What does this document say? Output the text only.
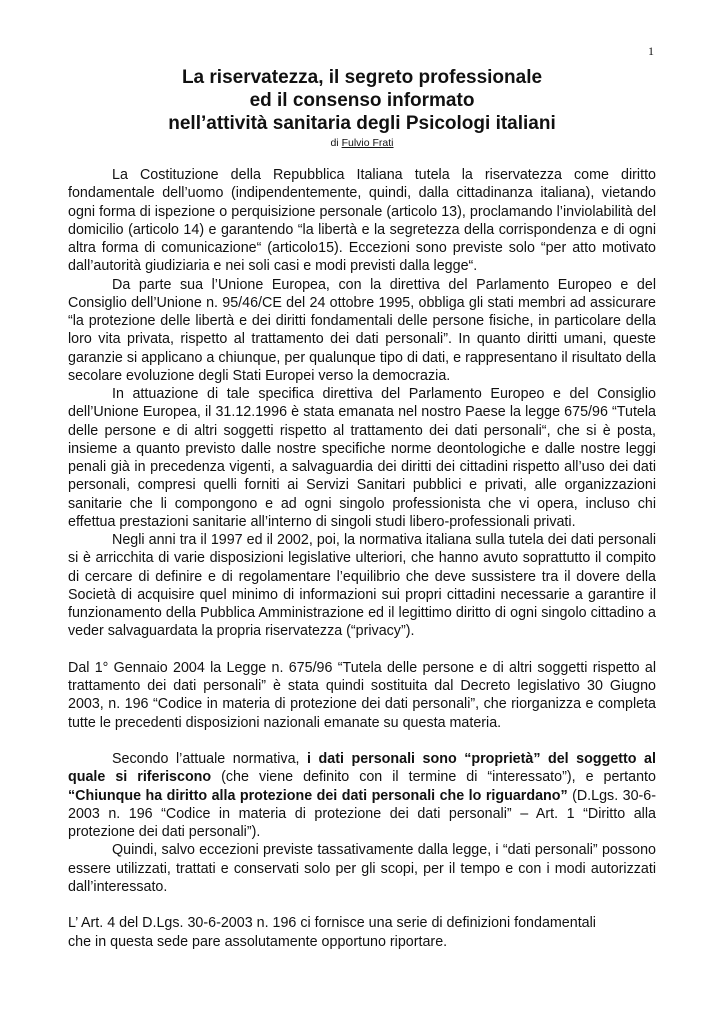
1
La riservatezza, il segreto professionale
ed il consenso informato
nell’attività sanitaria degli Psicologi italiani
di Fulvio Frati

La Costituzione della Repubblica Italiana tutela la riservatezza come diritto fondamentale dell’uomo (indipendentemente, quindi, dalla cittadinanza italiana), vietando ogni forma di ispezione o perquisizione personale (articolo 13), proclamando l’inviolabilità del domicilio (articolo 14) e garantendo “la libertà e la segretezza della corrispondenza e di ogni altra forma di comunicazione“ (articolo15). Eccezioni sono previste solo “per atto motivato dall’autorità giudiziaria e nei soli casi e modi previsti dalla legge“.

Da parte sua l’Unione Europea, con la direttiva del Parlamento Europeo e del Consiglio dell’Unione n. 95/46/CE del 24 ottobre 1995, obbliga gli stati membri ad assicurare “la protezione delle libertà e dei diritti fondamentali delle persone fisiche, in particolare della loro vita privata, rispetto al trattamento dei dati personali”. In quanto diritti umani, queste garanzie si applicano a chiunque, per qualunque tipo di dati, e rappresentano il risultato della secolare evoluzione degli Stati Europei verso la democrazia.

In attuazione di tale specifica direttiva del Parlamento Europeo e del Consiglio dell’Unione Europea, il 31.12.1996 è stata emanata nel nostro Paese la legge 675/96 “Tutela delle persone e di altri soggetti rispetto al trattamento dei dati personali“, che si è posta, insieme a quanto previsto dalle nostre specifiche norme deontologiche e dalle nostre leggi penali già in precedenza vigenti, a salvaguardia dei diritti dei cittadini rispetto all’uso dei dati personali, compresi quelli forniti ai Servizi Sanitari pubblici e privati, alle organizzazioni sanitarie che li compongono e ad ogni singolo professionista che vi opera, incluso chi effettua prestazioni sanitarie all’interno di singoli studi libero-professionali privati.

Negli anni tra il 1997 ed il 2002, poi, la normativa italiana sulla tutela dei dati personali si è arricchita di varie disposizioni legislative ulteriori, che hanno avuto soprattutto il compito di cercare di definire e di regolamentare l’equilibrio che deve sussistere tra il dovere della Società di acquisire quel minimo di informazioni sui propri cittadini necessarie a garantire il funzionamento della Pubblica Amministrazione ed il legittimo diritto di ogni singolo cittadino a veder salvaguardata la propria riservatezza (“privacy”).

Dal 1° Gennaio 2004 la Legge n. 675/96 “Tutela delle persone e di altri soggetti rispetto al trattamento dei dati personali” è stata quindi sostituita dal Decreto legislativo 30 Giugno 2003, n. 196 “Codice in materia di protezione dei dati personali”, che riorganizza e completa tutte le precedenti disposizioni nazionali emanate su questa materia.

Secondo l’attuale normativa, i dati personali sono “proprietà” del soggetto al quale si riferiscono (che viene definito con il termine di “interessato”), e pertanto “Chiunque ha diritto alla protezione dei dati personali che lo riguardano” (D.Lgs. 30-6-2003 n. 196 “Codice in materia di protezione dei dati personali” – Art. 1 “Diritto alla protezione dei dati personali”).

Quindi, salvo eccezioni previste tassativamente dalla legge, i “dati personali” possono essere utilizzati, trattati e conservati solo per gli scopi, per il tempo e con i modi autorizzati dall’interessato.

L’ Art. 4 del D.Lgs. 30-6-2003 n. 196 ci fornisce una serie di definizioni fondamentali
che in questa sede pare assolutamente opportuno riportare.
